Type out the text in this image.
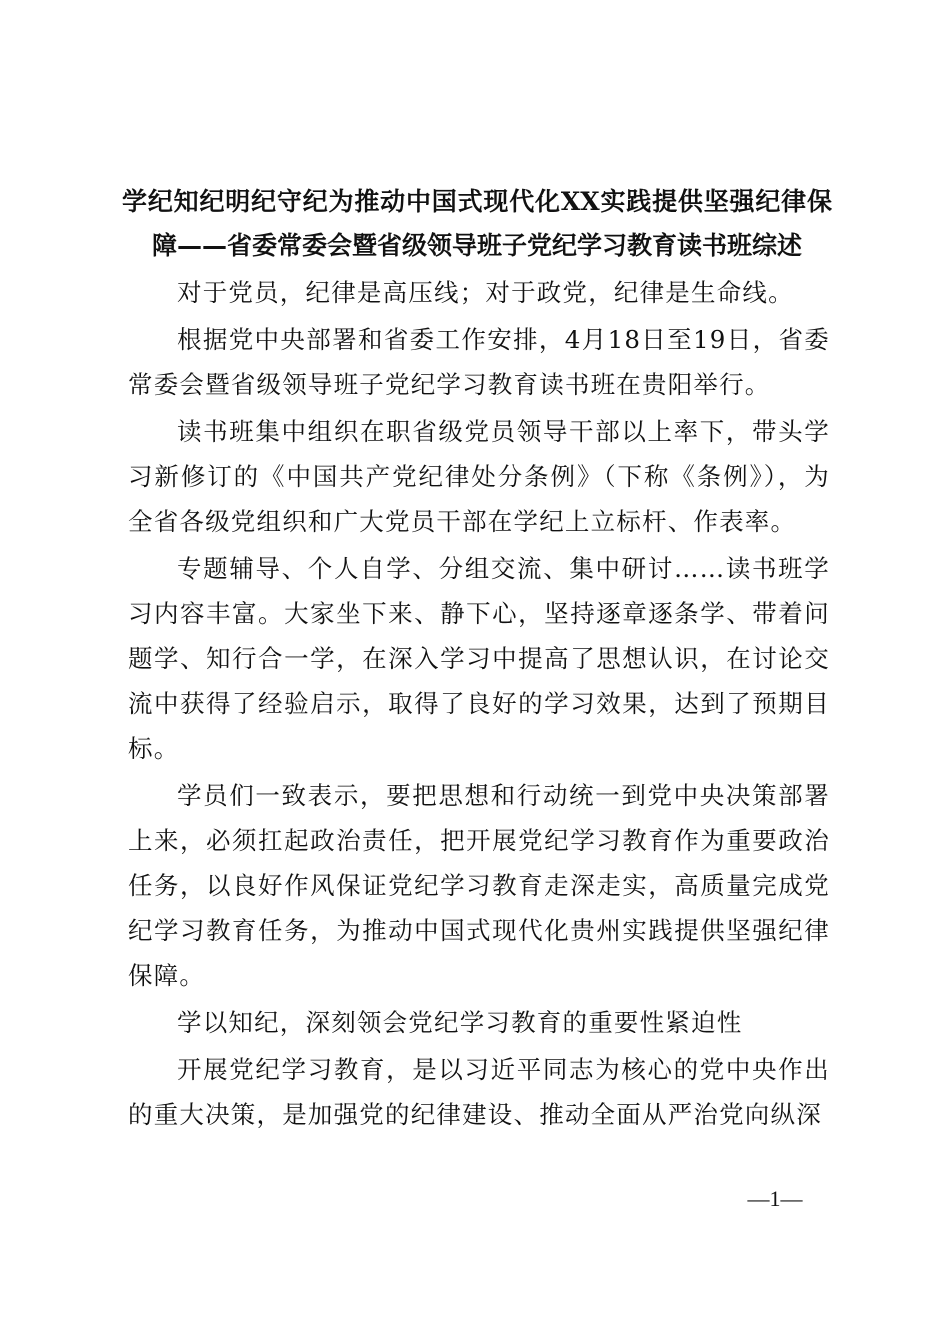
学纪知纪明纪守纪为推动中国式现代化XX实践提供坚强纪律保障——省委常委会暨省级领导班子党纪学习教育读书班综述

对于党员，纪律是高压线；对于政党，纪律是生命线。

根据党中央部署和省委工作安排，4月18日至19日，省委常委会暨省级领导班子党纪学习教育读书班在贵阳举行。

读书班集中组织在职省级党员领导干部以上率下，带头学习新修订的《中国共产党纪律处分条例》（下称《条例》），为全省各级党组织和广大党员干部在学纪上立标杆、作表率。

专题辅导、个人自学、分组交流、集中研讨……读书班学习内容丰富。大家坐下来、静下心，坚持逐章逐条学、带着问题学、知行合一学，在深入学习中提高了思想认识，在讨论交流中获得了经验启示，取得了良好的学习效果，达到了预期目标。

学员们一致表示，要把思想和行动统一到党中央决策部署上来，必须扛起政治责任，把开展党纪学习教育作为重要政治任务，以良好作风保证党纪学习教育走深走实，高质量完成党纪学习教育任务，为推动中国式现代化贵州实践提供坚强纪律保障。

学以知纪，深刻领会党纪学习教育的重要性紧迫性

开展党纪学习教育，是以习近平同志为核心的党中央作出的重大决策，是加强党的纪律建设、推动全面从严治党向纵深

—1—
